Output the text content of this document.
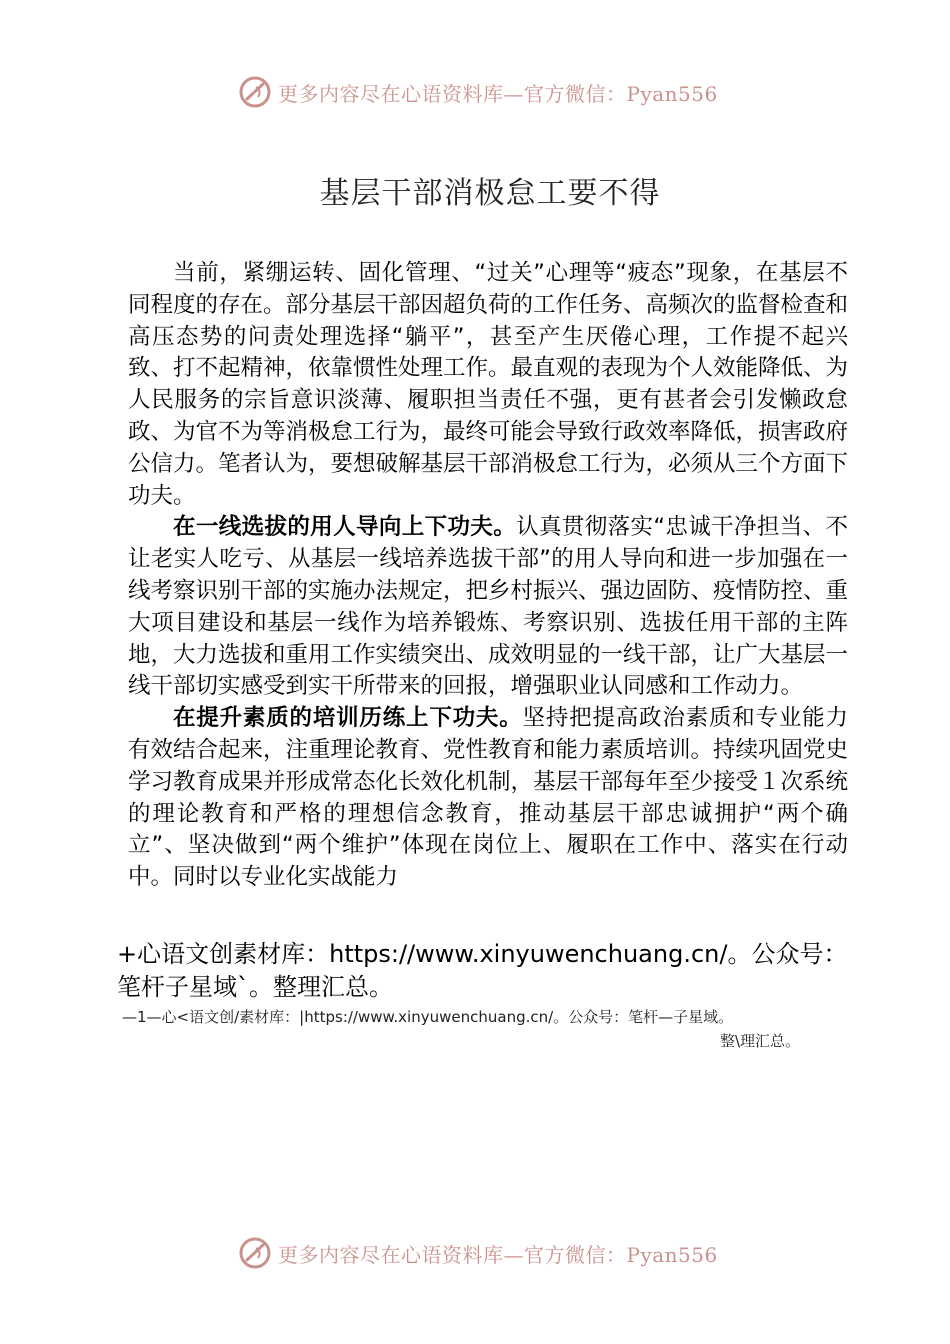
更多内容尽在心语资料库—官方微信：Pyan556
基层干部消极怠工要不得

当前，紧绷运转、固化管理、“过关”心理等“疲态”现象，在基层不同程度的存在。部分基层干部因超负荷的工作任务、高频次的监督检查和高压态势的问责处理选择“躺平”，甚至产生厌倦心理，工作提不起兴致、打不起精神，依靠惯性处理工作。最直观的表现为个人效能降低、为人民服务的宗旨意识淡薄、履职担当责任不强，更有甚者会引发懒政怠政、为官不为等消极怠工行为，最终可能会导致行政效率降低，损害政府公信力。笔者认为，要想破解基层干部消极怠工行为，必须从三个方面下功夫。

在一线选拔的用人导向上下功夫。认真贯彻落实“忠诚干净担当、不让老实人吃亏、从基层一线培养选拔干部”的用人导向和进一步加强在一线考察识别干部的实施办法规定，把乡村振兴、强边固防、疫情防控、重大项目建设和基层一线作为培养锻炼、考察识别、选拔任用干部的主阵地，大力选拔和重用工作实绩突出、成效明显的一线干部，让广大基层一线干部切实感受到实干所带来的回报，增强职业认同感和工作动力。

在提升素质的培训历练上下功夫。坚持把提高政治素质和专业能力有效结合起来，注重理论教育、党性教育和能力素质培训。持续巩固党史学习教育成果并形成常态化长效化机制，基层干部每年至少接受１次系统的理论教育和严格的理想信念教育，推动基层干部忠诚拥护“两个确立”、坚决做到“两个维护”体现在岗位上、履职在工作中、落实在行动中。同时以专业化实战能力

+心语文创素材库：https://www.xinyuwenchuang.cn/。公众号：
笔杆子星域`。整理汇总。
—1—心<语文创/素材库：|https://www.xinyuwenchuang.cn/。公众号：笔杆—子星域。
整\理汇总。
更多内容尽在心语资料库—官方微信：Pyan556
